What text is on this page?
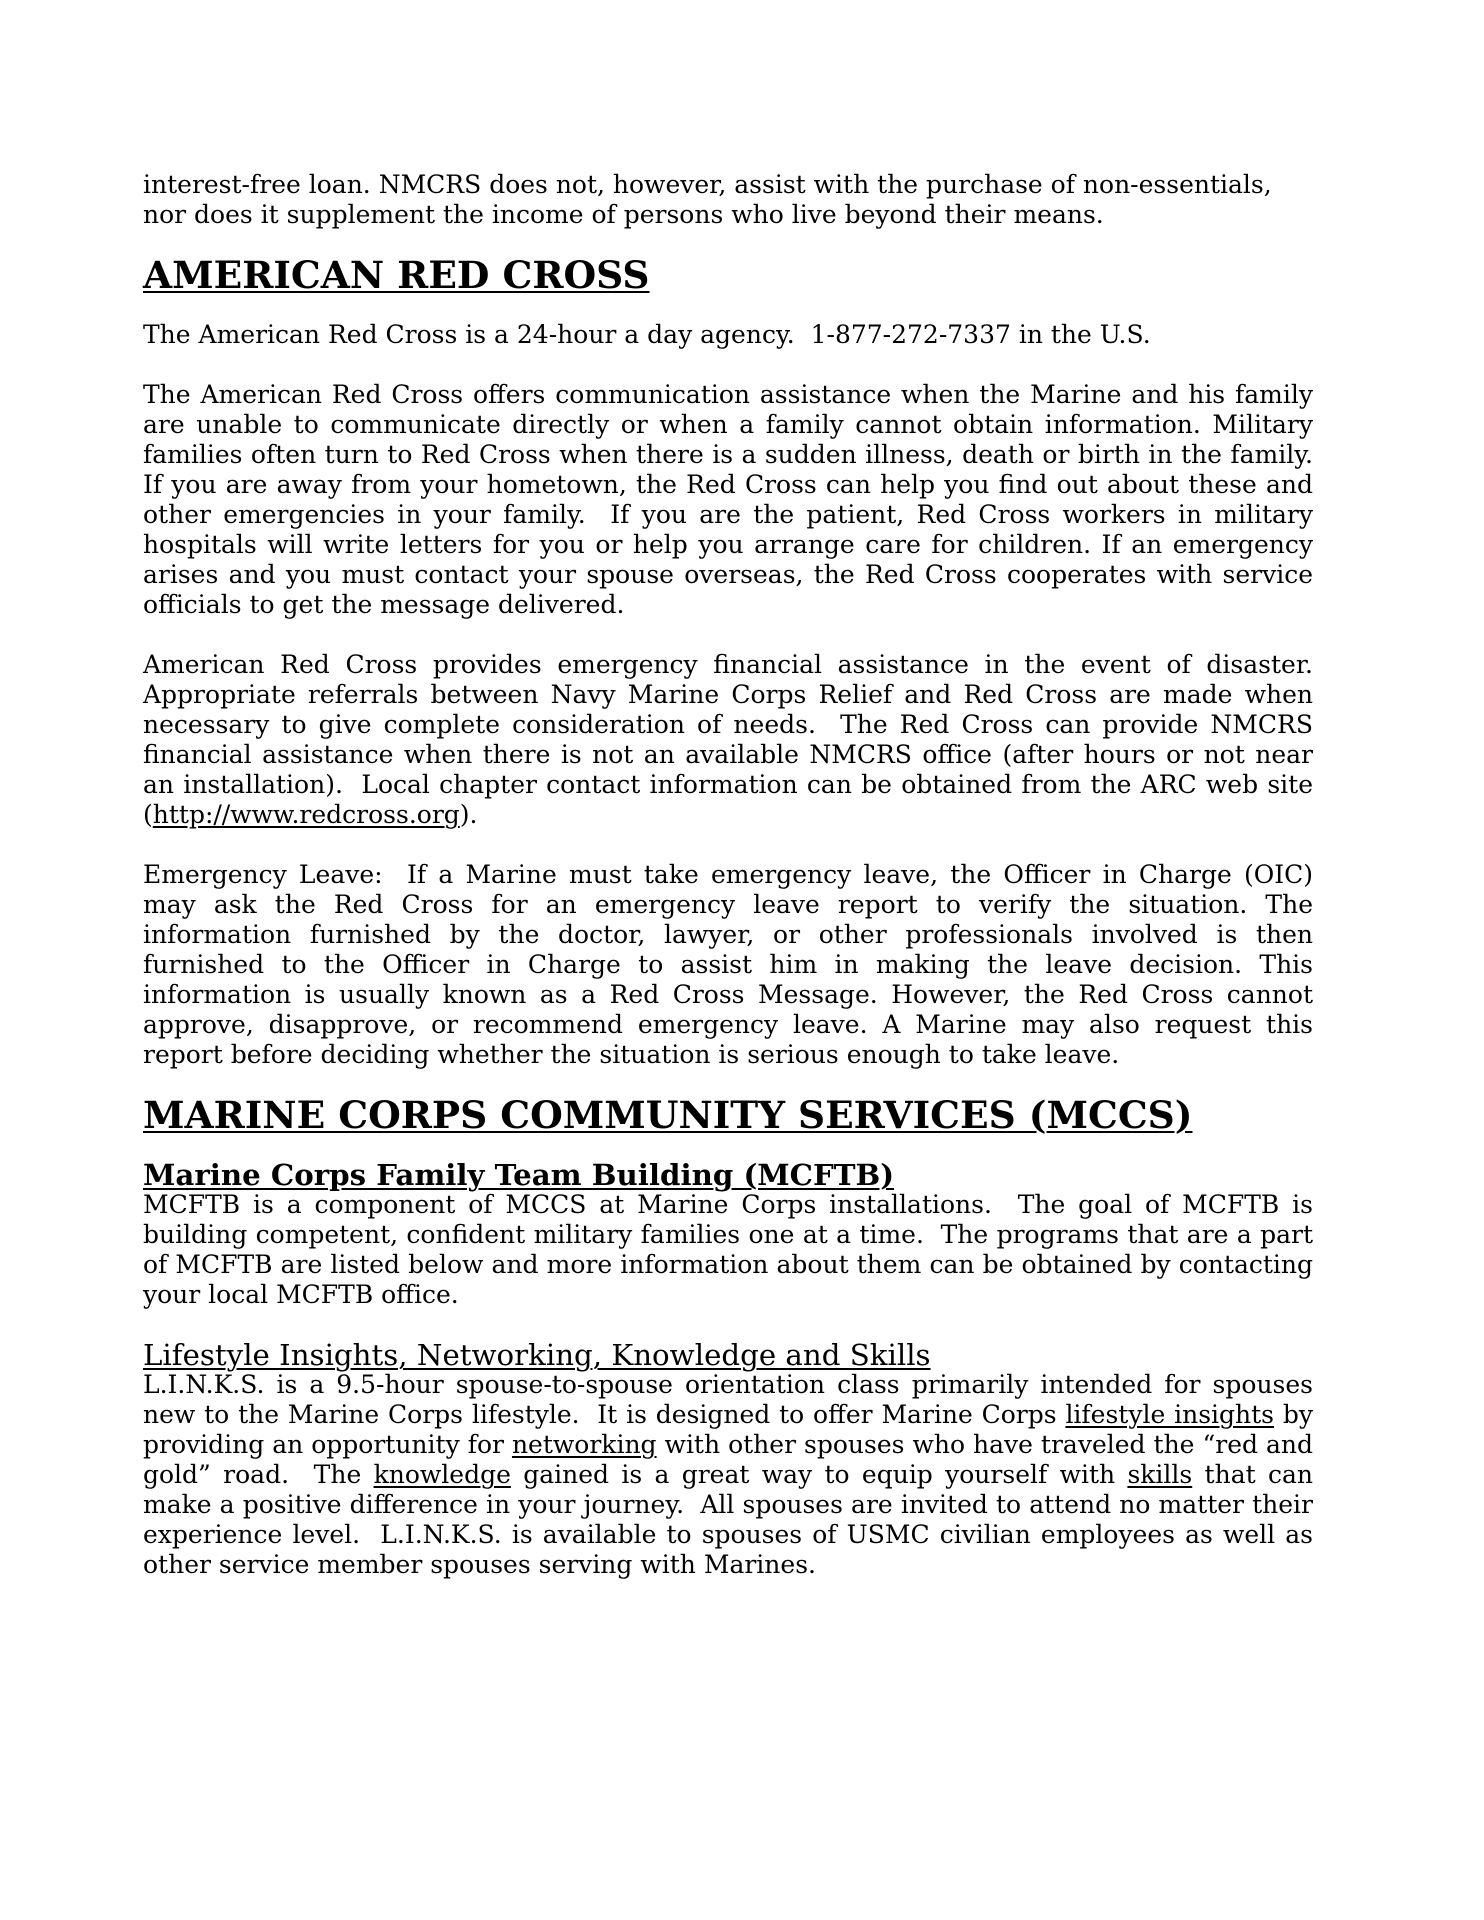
interest-free loan. NMCRS does not, however, assist with the purchase of non-essentials, nor does it supplement the income of persons who live beyond their means.

AMERICAN RED CROSS

The American Red Cross is a 24-hour a day agency.  1-877-272-7337 in the U.S.

The American Red Cross offers communication assistance when the Marine and his family are unable to communicate directly or when a family cannot obtain information. Military families often turn to Red Cross when there is a sudden illness, death or birth in the family. If you are away from your hometown, the Red Cross can help you find out about these and other emergencies in your family.  If you are the patient, Red Cross workers in military hospitals will write letters for you or help you arrange care for children. If an emergency arises and you must contact your spouse overseas, the Red Cross cooperates with service officials to get the message delivered.

American Red Cross provides emergency financial assistance in the event of disaster. Appropriate referrals between Navy Marine Corps Relief and Red Cross are made when necessary to give complete consideration of needs.  The Red Cross can provide NMCRS financial assistance when there is not an available NMCRS office (after hours or not near an installation).  Local chapter contact information can be obtained from the ARC web site (http://www.redcross.org).

Emergency Leave:  If a Marine must take emergency leave, the Officer in Charge (OIC) may ask the Red Cross for an emergency leave report to verify the situation. The information furnished by the doctor, lawyer, or other professionals involved is then furnished to the Officer in Charge to assist him in making the leave decision. This information is usually known as a Red Cross Message. However, the Red Cross cannot approve, disapprove, or recommend emergency leave. A Marine may also request this report before deciding whether the situation is serious enough to take leave.

MARINE CORPS COMMUNITY SERVICES (MCCS)
Marine Corps Family Team Building (MCFTB)

MCFTB is a component of MCCS at Marine Corps installations.  The goal of MCFTB is building competent, confident military families one at a time.  The programs that are a part of MCFTB are listed below and more information about them can be obtained by contacting your local MCFTB office.

Lifestyle Insights, Networking, Knowledge and Skills

L.I.N.K.S. is a 9.5-hour spouse-to-spouse orientation class primarily intended for spouses new to the Marine Corps lifestyle.  It is designed to offer Marine Corps lifestyle insights by providing an opportunity for networking with other spouses who have traveled the “red and gold” road.  The knowledge gained is a great way to equip yourself with skills that can make a positive difference in your journey.  All spouses are invited to attend no matter their experience level.  L.I.N.K.S. is available to spouses of USMC civilian employees as well as other service member spouses serving with Marines.
